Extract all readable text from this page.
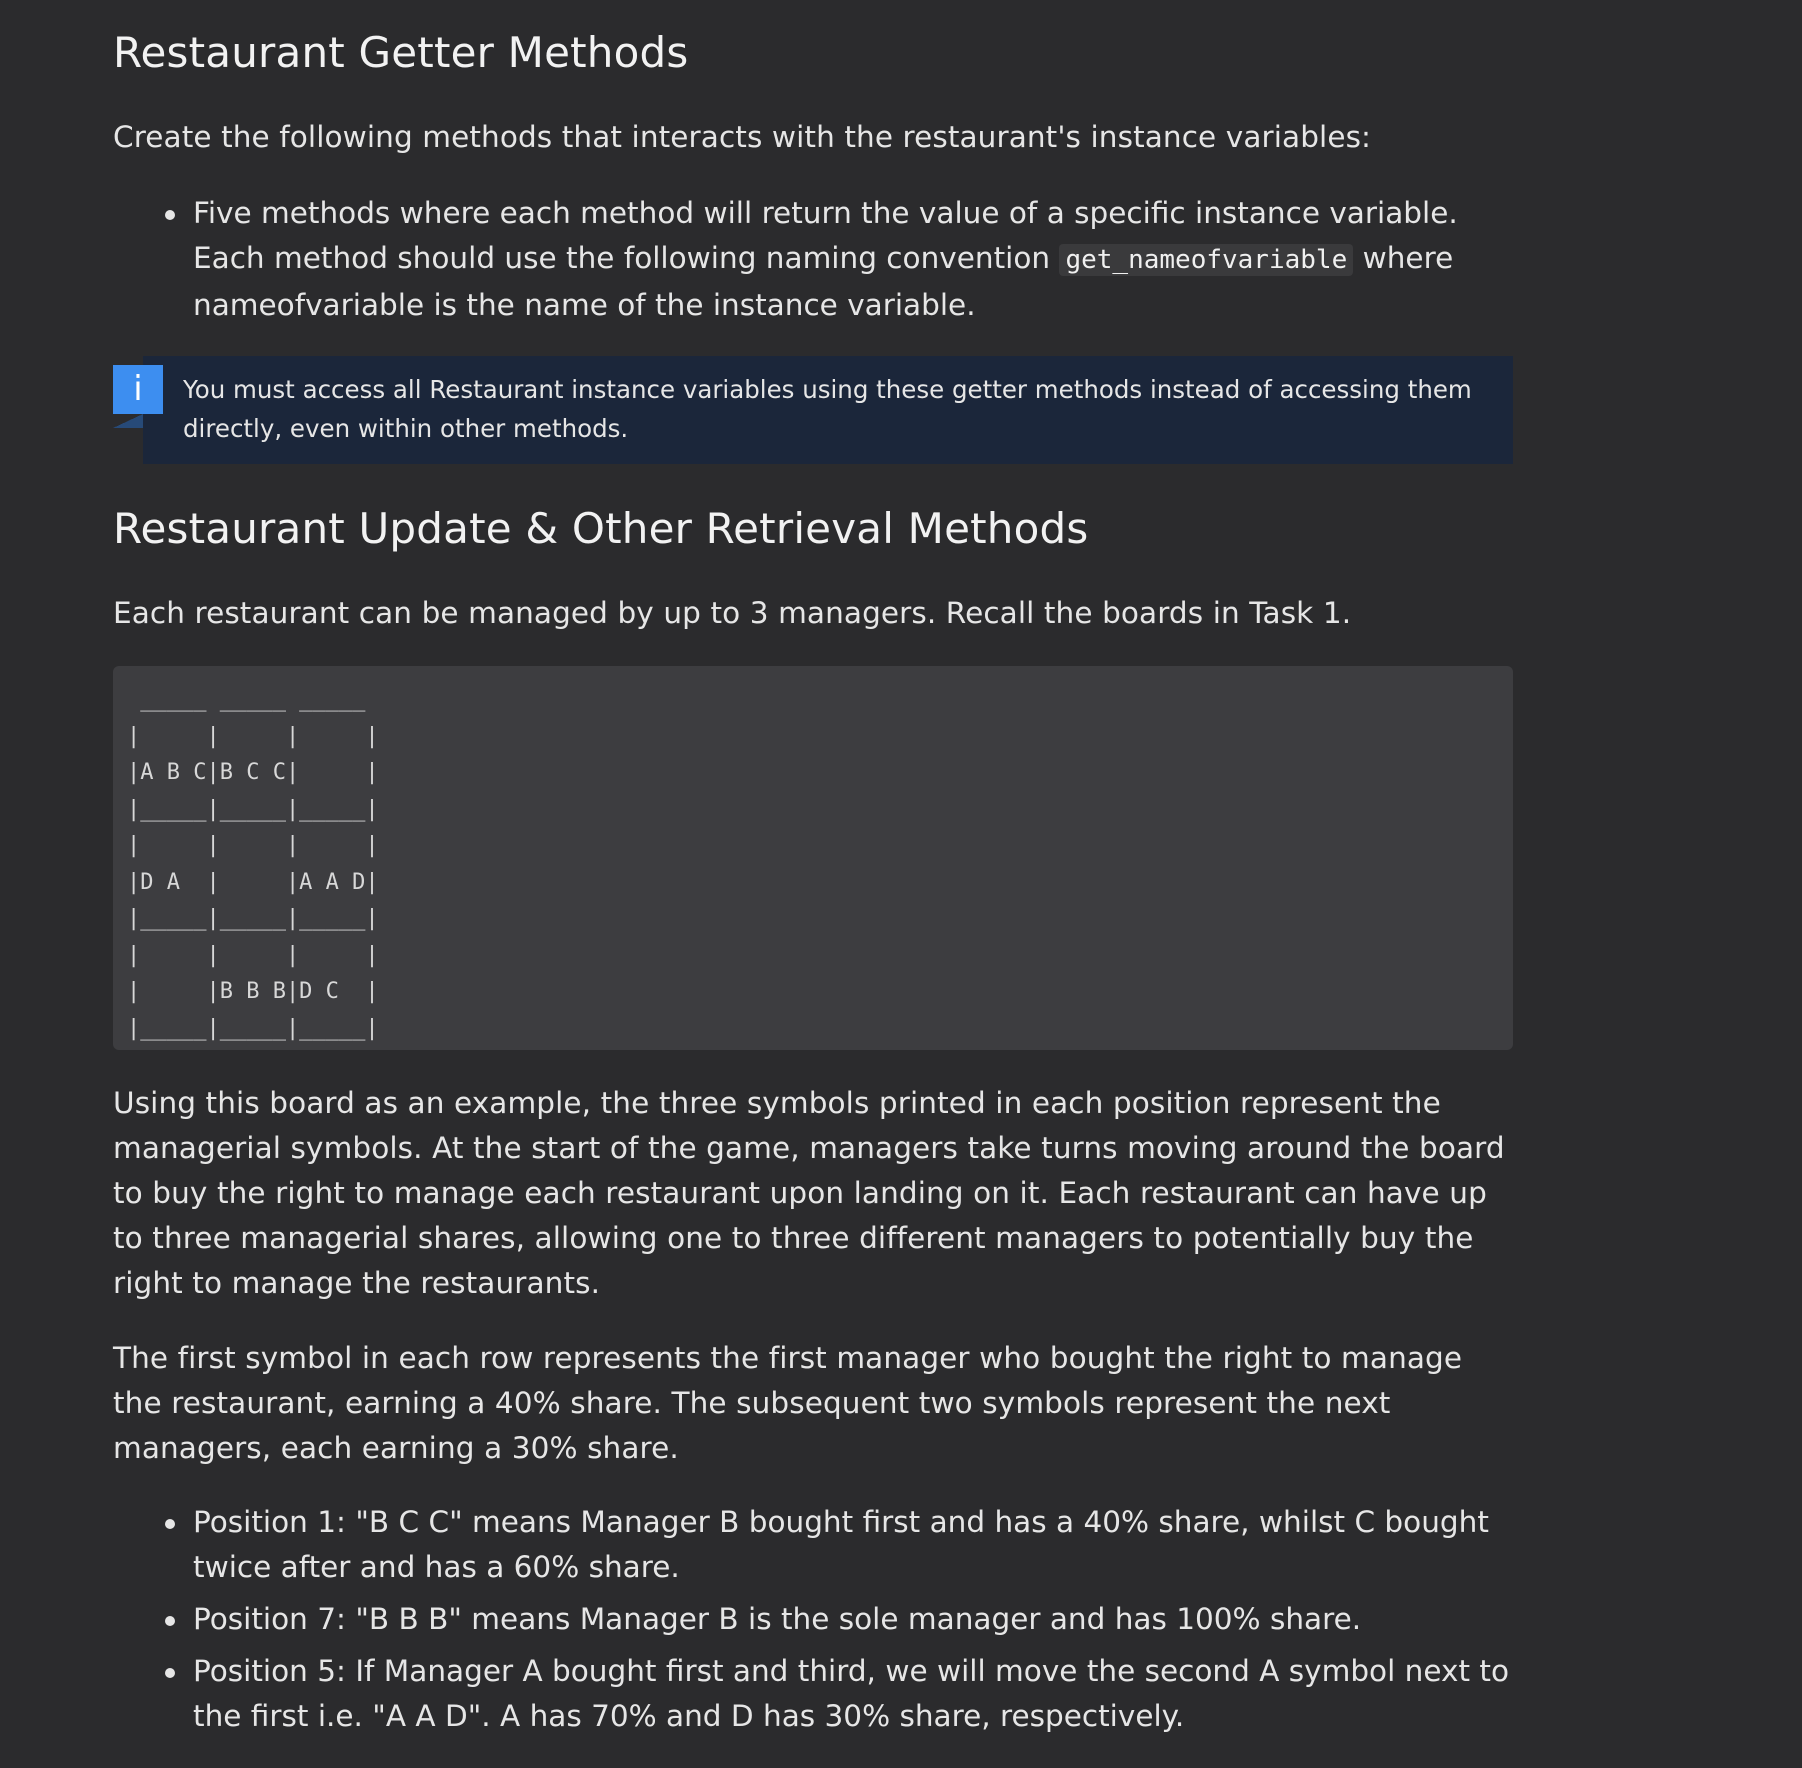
Restaurant Getter Methods

Create the following methods that interacts with the restaurant's instance variables:

Five methods where each method will return the value of a specific instance variable. Each method should use the following naming convention get_nameofvariable where nameofvariable is the name of the instance variable.
i	You must access all Restaurant instance variables using these getter methods instead of accessing them directly, even within other methods.
Restaurant Update & Other Retrieval Methods

Each restaurant can be managed by up to 3 managers. Recall the boards in Task 1.

_____ _____ _____
|     |     |     |
|A B C|B C C|     |
|_____|_____|_____|
|     |     |     |
|D A  |     |A A D|
|_____|_____|_____|
|     |     |     |
|     |B B B|D C  |
|_____|_____|_____|

Using this board as an example, the three symbols printed in each position represent the managerial symbols. At the start of the game, managers take turns moving around the board to buy the right to manage each restaurant upon landing on it. Each restaurant can have up to three managerial shares, allowing one to three different managers to potentially buy the right to manage the restaurants.

The first symbol in each row represents the first manager who bought the right to manage the restaurant, earning a 40% share. The subsequent two symbols represent the next managers, each earning a 30% share.

Position 1: "B C C" means Manager B bought first and has a 40% share, whilst C bought twice after and has a 60% share.
Position 7: "B B B" means Manager B is the sole manager and has 100% share.
Position 5: If Manager A bought first and third, we will move the second A symbol next to the first i.e. "A A D". A has 70% and D has 30% share, respectively.
